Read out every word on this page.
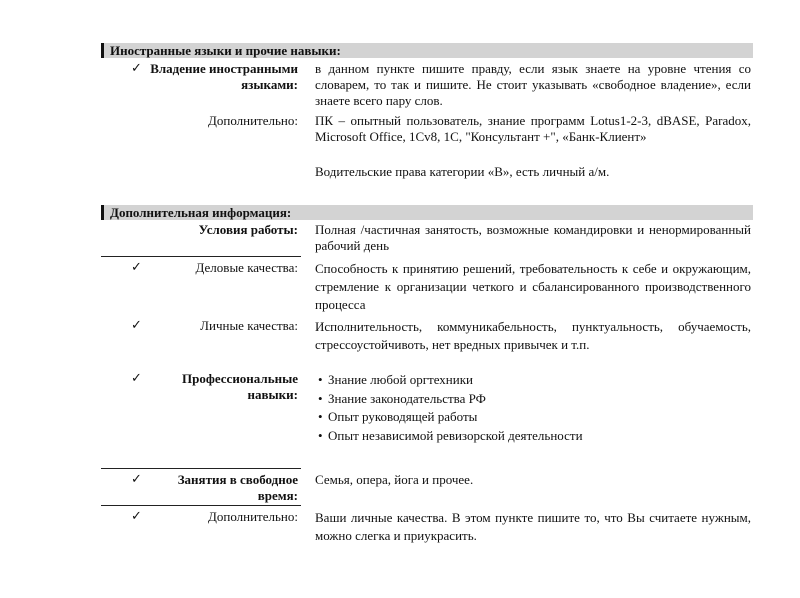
Иностранные языки и прочие навыки:
✓ Владение иностранными языками:
в данном пункте пишите правду, если язык знаете на уровне чтения со словарем, то так и пишите. Не стоит указывать «свободное владение», если знаете всего пару слов.
Дополнительно: ПК – опытный пользователь, знание программ Lotus1-2-3, dBASE, Paradox, Microsoft Office, 1Cv8, 1C, "Консультант +", «Банк-Клиент»
Водительские права категории «В», есть личный а/м.
Дополнительная информация:
Условия работы: Полная /частичная занятость, возможные командировки и ненормированный рабочий день
✓	Деловые качества: Способность к принятию решений, требовательность к себе и окружающим, стремление к организации четкого и сбалансированного производственного процесса
✓	Личные качества: Исполнительность, коммуникабельность, пунктуальность, обучаемость, стрессоустойчивоть, нет вредных привычек и т.п.
✓	Профессиональные навыки:
• Знание любой оргтехники
• Знание законодательства РФ
• Опыт руководящей работы
• Опыт независимой ревизорской деятельности
✓	Занятия в свободное время:
Семья, опера, йога и прочее.
✓	Дополнительно: Ваши личные качества. В этом пункте пишите то, что Вы считаете нужным, можно слегка и приукрасить.
